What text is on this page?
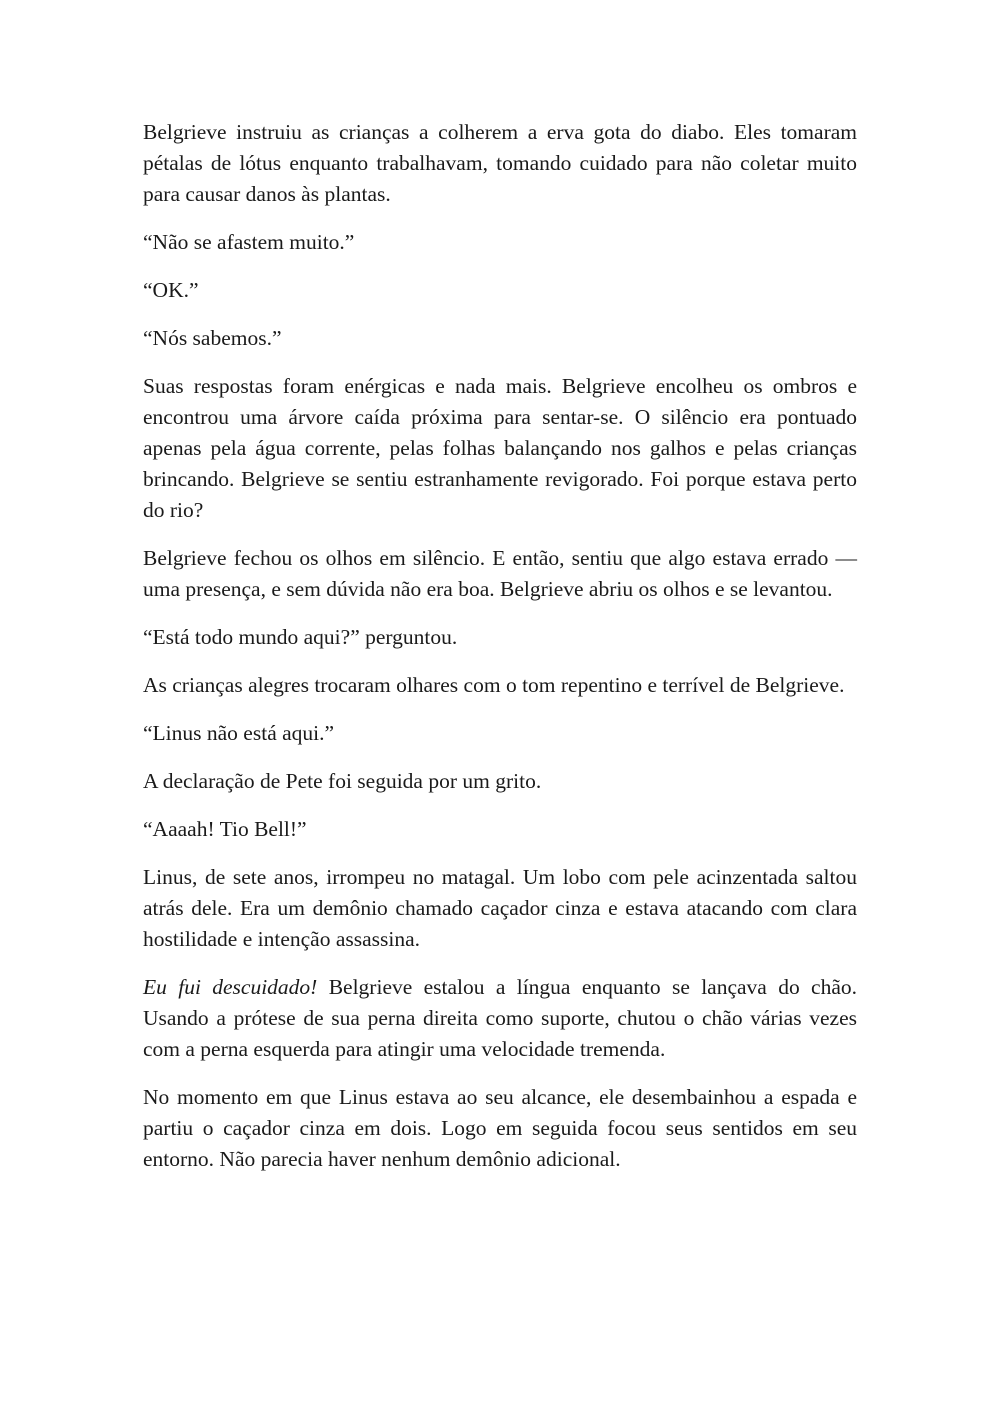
Belgrieve instruiu as crianças a colherem a erva gota do diabo. Eles tomaram pétalas de lótus enquanto trabalhavam, tomando cuidado para não coletar muito para causar danos às plantas.

“Não se afastem muito.”

“OK.”

“Nós sabemos.”

Suas respostas foram enérgicas e nada mais. Belgrieve encolheu os ombros e encontrou uma árvore caída próxima para sentar-se. O silêncio era pontuado apenas pela água corrente, pelas folhas balançando nos galhos e pelas crianças brincando. Belgrieve se sentiu estranhamente revigorado. Foi porque estava perto do rio?

Belgrieve fechou os olhos em silêncio. E então, sentiu que algo estava errado — uma presença, e sem dúvida não era boa. Belgrieve abriu os olhos e se levantou.

“Está todo mundo aqui?” perguntou.

As crianças alegres trocaram olhares com o tom repentino e terrível de Belgrieve.

“Linus não está aqui.”

A declaração de Pete foi seguida por um grito.

“Aaaah! Tio Bell!”

Linus, de sete anos, irrompeu no matagal. Um lobo com pele acinzentada saltou atrás dele. Era um demônio chamado caçador cinza e estava atacando com clara hostilidade e intenção assassina.

Eu fui descuidado! Belgrieve estalou a língua enquanto se lançava do chão. Usando a prótese de sua perna direita como suporte, chutou o chão várias vezes com a perna esquerda para atingir uma velocidade tremenda.

No momento em que Linus estava ao seu alcance, ele desembainhou a espada e partiu o caçador cinza em dois. Logo em seguida focou seus sentidos em seu entorno. Não parecia haver nenhum demônio adicional.
